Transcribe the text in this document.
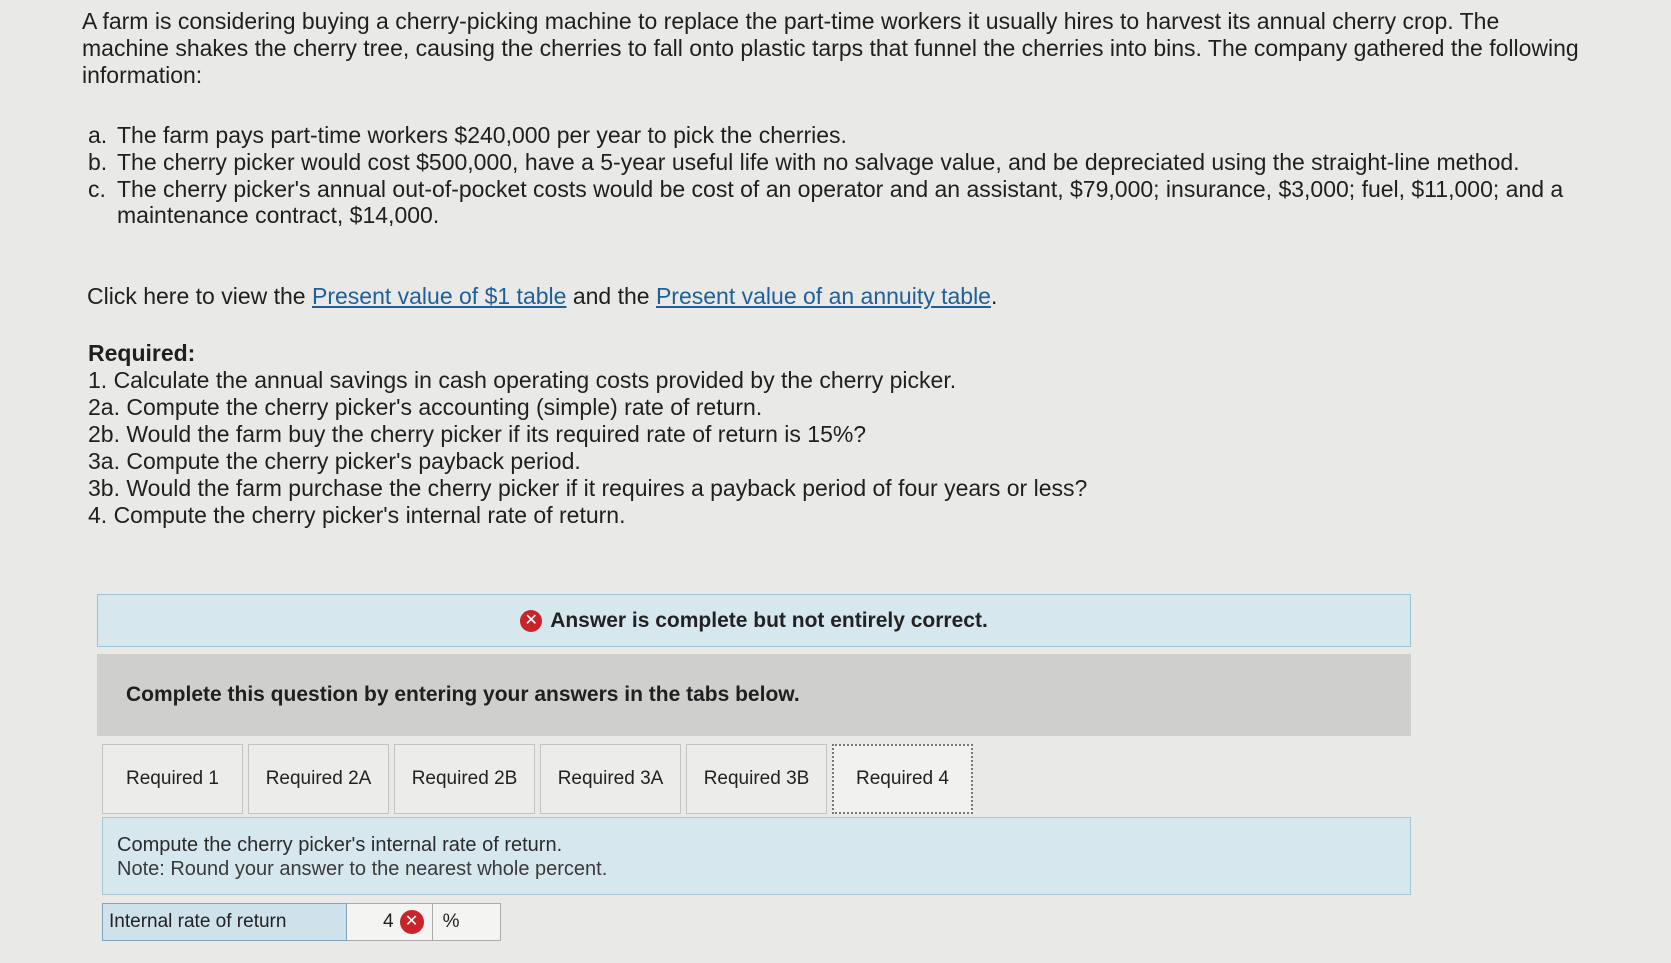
A farm is considering buying a cherry-picking machine to replace the part-time workers it usually hires to harvest its annual cherry crop. The machine shakes the cherry tree, causing the cherries to fall onto plastic tarps that funnel the cherries into bins. The company gathered the following information:

a. The farm pays part-time workers $240,000 per year to pick the cherries.
b. The cherry picker would cost $500,000, have a 5-year useful life with no salvage value, and be depreciated using the straight-line method.
c. The cherry picker's annual out-of-pocket costs would be cost of an operator and an assistant, $79,000; insurance, $3,000; fuel, $11,000; and a maintenance contract, $14,000.
Click here to view the Present value of $1 table and the Present value of an annuity table.
Required:
1. Calculate the annual savings in cash operating costs provided by the cherry picker.
2a. Compute the cherry picker's accounting (simple) rate of return.
2b. Would the farm buy the cherry picker if its required rate of return is 15%?
3a. Compute the cherry picker's payback period.
3b. Would the farm purchase the cherry picker if it requires a payback period of four years or less?
4. Compute the cherry picker's internal rate of return.
✕ Answer is complete but not entirely correct.
Complete this question by entering your answers in the tabs below.
Required 1	Required 2A	Required 2B	Required 3A	Required 3B	Required 4
Compute the cherry picker's internal rate of return.
Note: Round your answer to the nearest whole percent.
Internal rate of return	4 ✕	%
